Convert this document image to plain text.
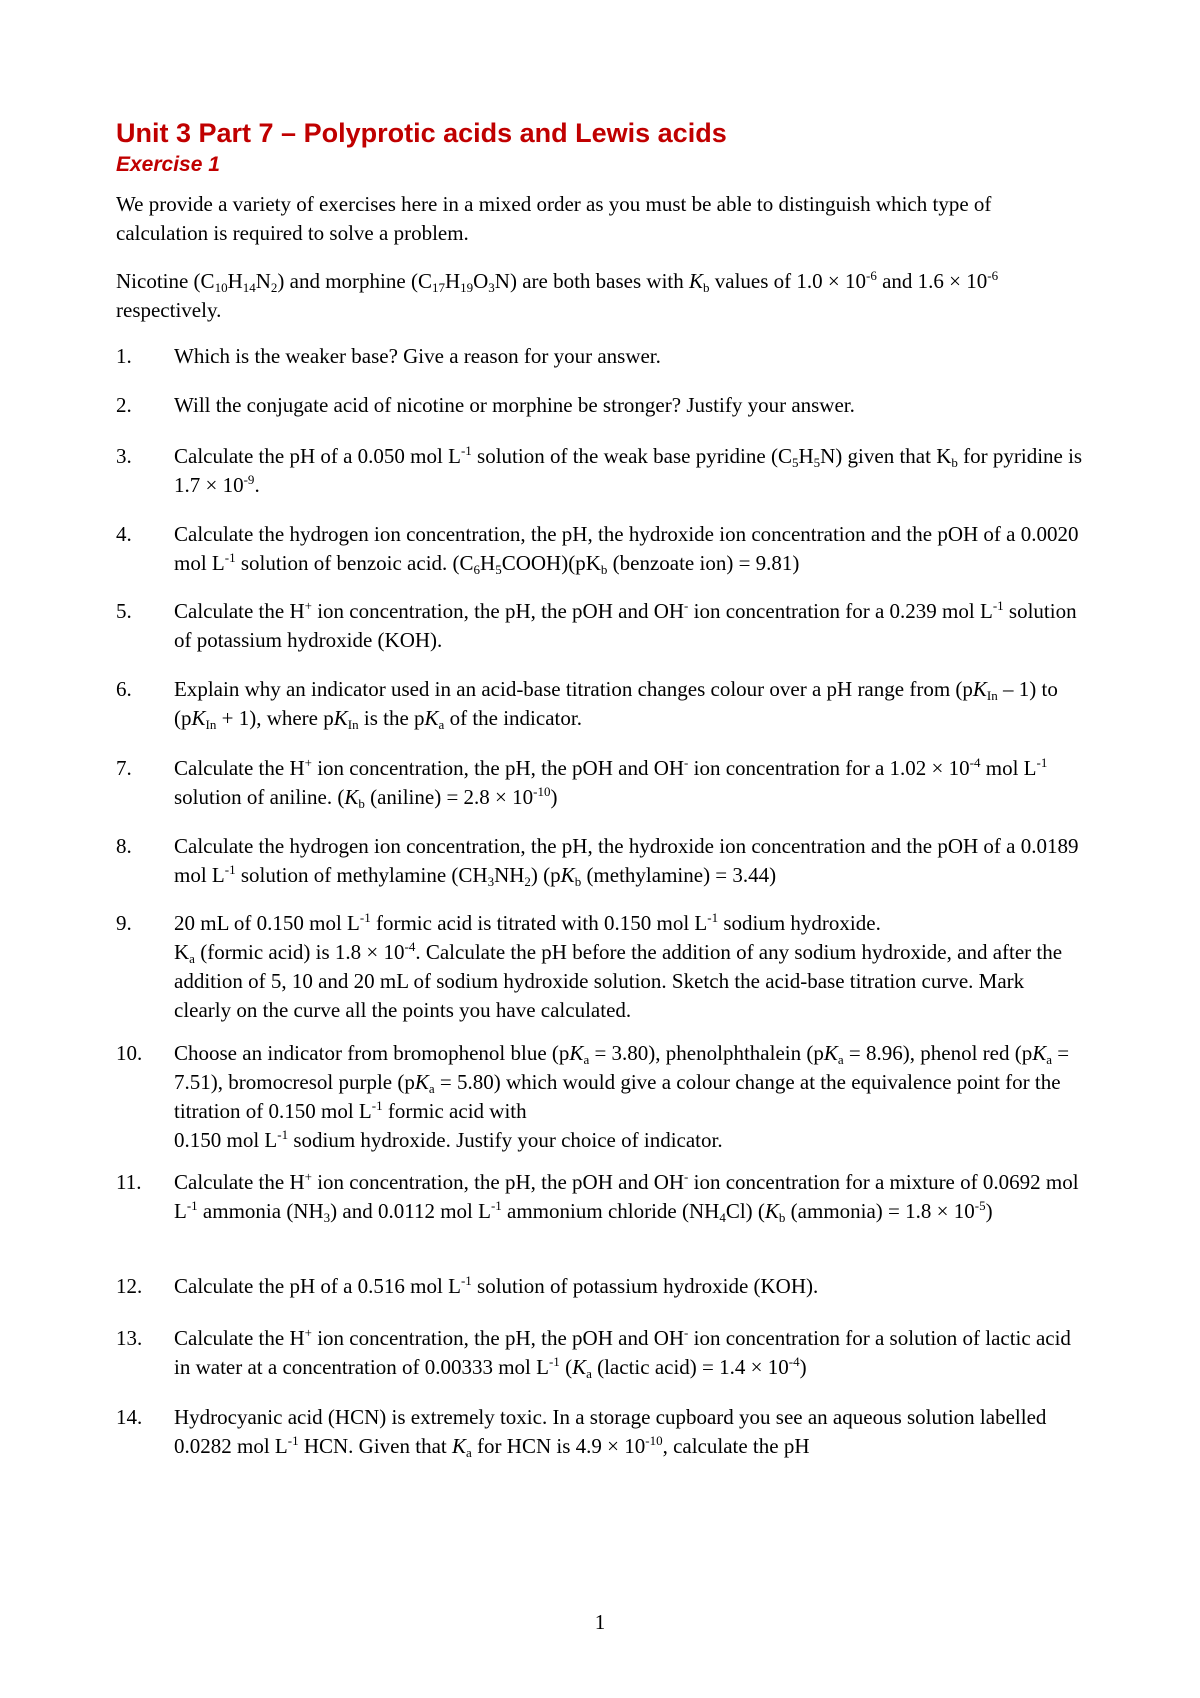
Unit 3 Part 7 – Polyprotic acids and Lewis acids
Exercise 1
We provide a variety of exercises here in a mixed order as you must be able to distinguish which type of calculation is required to solve a problem.
Nicotine $(C_{10}H_{14}N_2)$ and morphine $(C_{17}H_{19}O_3N)$ are both bases with $K_b$ values of $1.0 \times 10^{-6}$ and $1.6 \times 10^{-6}$ respectively.
1. Which is the weaker base? Give a reason for your answer.
2. Will the conjugate acid of nicotine or morphine be stronger? Justify your answer.
3. Calculate the pH of a 0.050 mol $L^{-1}$ solution of the weak base pyridine $(C_5H_5N)$ given that $K_b$ for pyridine is $1.7 \times 10^{-9}$.
4. Calculate the hydrogen ion concentration, the pH, the hydroxide ion concentration and the pOH of a 0.0020 mol $L^{-1}$ solution of benzoic acid. $(C_6H_5COOH)(pK_b$ (benzoate ion) = 9.81)
5. Calculate the H+ ion concentration, the pH, the pOH and OH- ion concentration for a 0.239 mol $L^{-1}$ solution of potassium hydroxide (KOH).
6. Explain why an indicator used in an acid-base titration changes colour over a pH range from $(pK_{In} - 1)$ to $(pK_{In} + 1)$, where $pK_{In}$ is the $pK_a$ of the indicator.
7. Calculate the H+ ion concentration, the pH, the pOH and OH- ion concentration for a $1.02 \times 10^{-4}$ mol $L^{-1}$ solution of aniline. ($K_b$ (aniline) = $2.8 \times 10^{-10}$)
8. Calculate the hydrogen ion concentration, the pH, the hydroxide ion concentration and the pOH of a 0.0189 mol $L^{-1}$ solution of methylamine $(CH_3NH_2)$ ($pK_b$ (methylamine) = 3.44)
9. 20 mL of 0.150 mol $L^{-1}$ formic acid is titrated with 0.150 mol $L^{-1}$ sodium hydroxide.
$K_a$ (formic acid) is $1.8 \times 10^{-4}$. Calculate the pH before the addition of any sodium hydroxide, and after the addition of 5, 10 and 20 mL of sodium hydroxide solution. Sketch the acid-base titration curve. Mark clearly on the curve all the points you have calculated.
10. Choose an indicator from bromophenol blue $(pK_a = 3.80)$, phenolphthalein $(pK_a = 8.96)$, phenol red $(pK_a = 7.51)$, bromocresol purple $(pK_a = 5.80)$ which would give a colour change at the equivalence point for the titration of 0.150 mol $L^{-1}$ formic acid with
0.150 mol $L^{-1}$ sodium hydroxide. Justify your choice of indicator.
11. Calculate the H+ ion concentration, the pH, the pOH and OH- ion concentration for a mixture of 0.0692 mol $L^{-1}$ ammonia $(NH_3)$ and 0.0112 mol $L^{-1}$ ammonium chloride $(NH_4Cl)$ ($K_b$ (ammonia) = $1.8 \times 10^{-5}$)
12. Calculate the pH of a 0.516 mol $L^{-1}$ solution of potassium hydroxide (KOH).
13. Calculate the H+ ion concentration, the pH, the pOH and OH- ion concentration for a solution of lactic acid in water at a concentration of 0.00333 mol $L^{-1}$ ($K_a$ (lactic acid) = $1.4 \times 10^{-4}$)
14. Hydrocyanic acid (HCN) is extremely toxic. In a storage cupboard you see an aqueous solution labelled 0.0282 mol $L^{-1}$ HCN. Given that $K_a$ for HCN is $4.9 \times 10^{-10}$, calculate the pH
1
